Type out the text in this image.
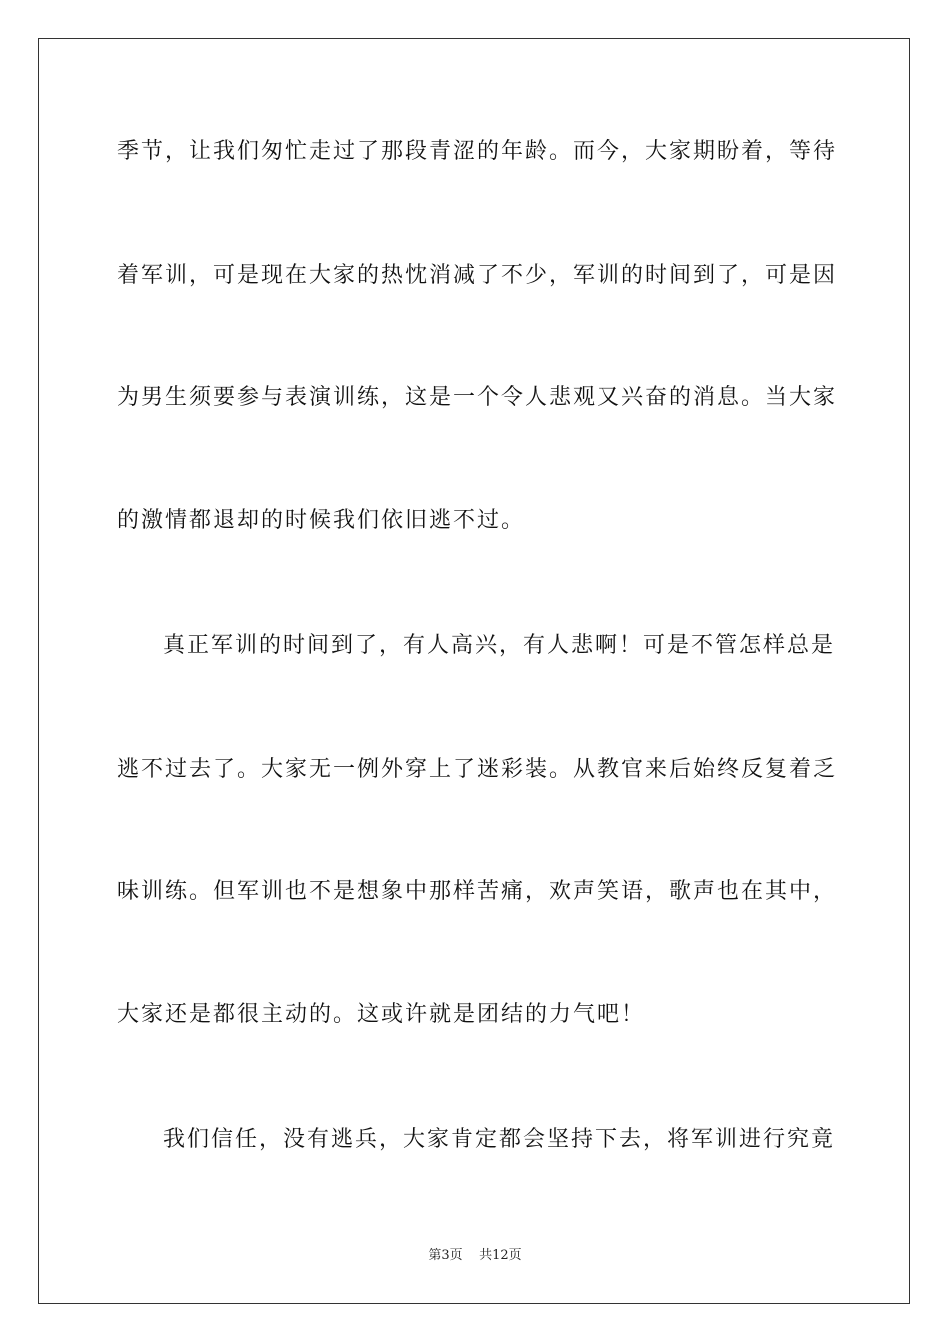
季节，让我们匆忙走过了那段青涩的年龄。而今，大家期盼着，等待
着军训，可是现在大家的热忱消减了不少，军训的时间到了，可是因
为男生须要参与表演训练，这是一个令人悲观又兴奋的消息。当大家
的激情都退却的时候我们依旧逃不过。
真正军训的时间到了，有人高兴，有人悲啊！可是不管怎样总是
逃不过去了。大家无一例外穿上了迷彩装。从教官来后始终反复着乏
味训练。但军训也不是想象中那样苦痛，欢声笑语，歌声也在其中，
大家还是都很主动的。这或许就是团结的力气吧！
我们信任，没有逃兵，大家肯定都会坚持下去，将军训进行究竟
第3页 共12页
